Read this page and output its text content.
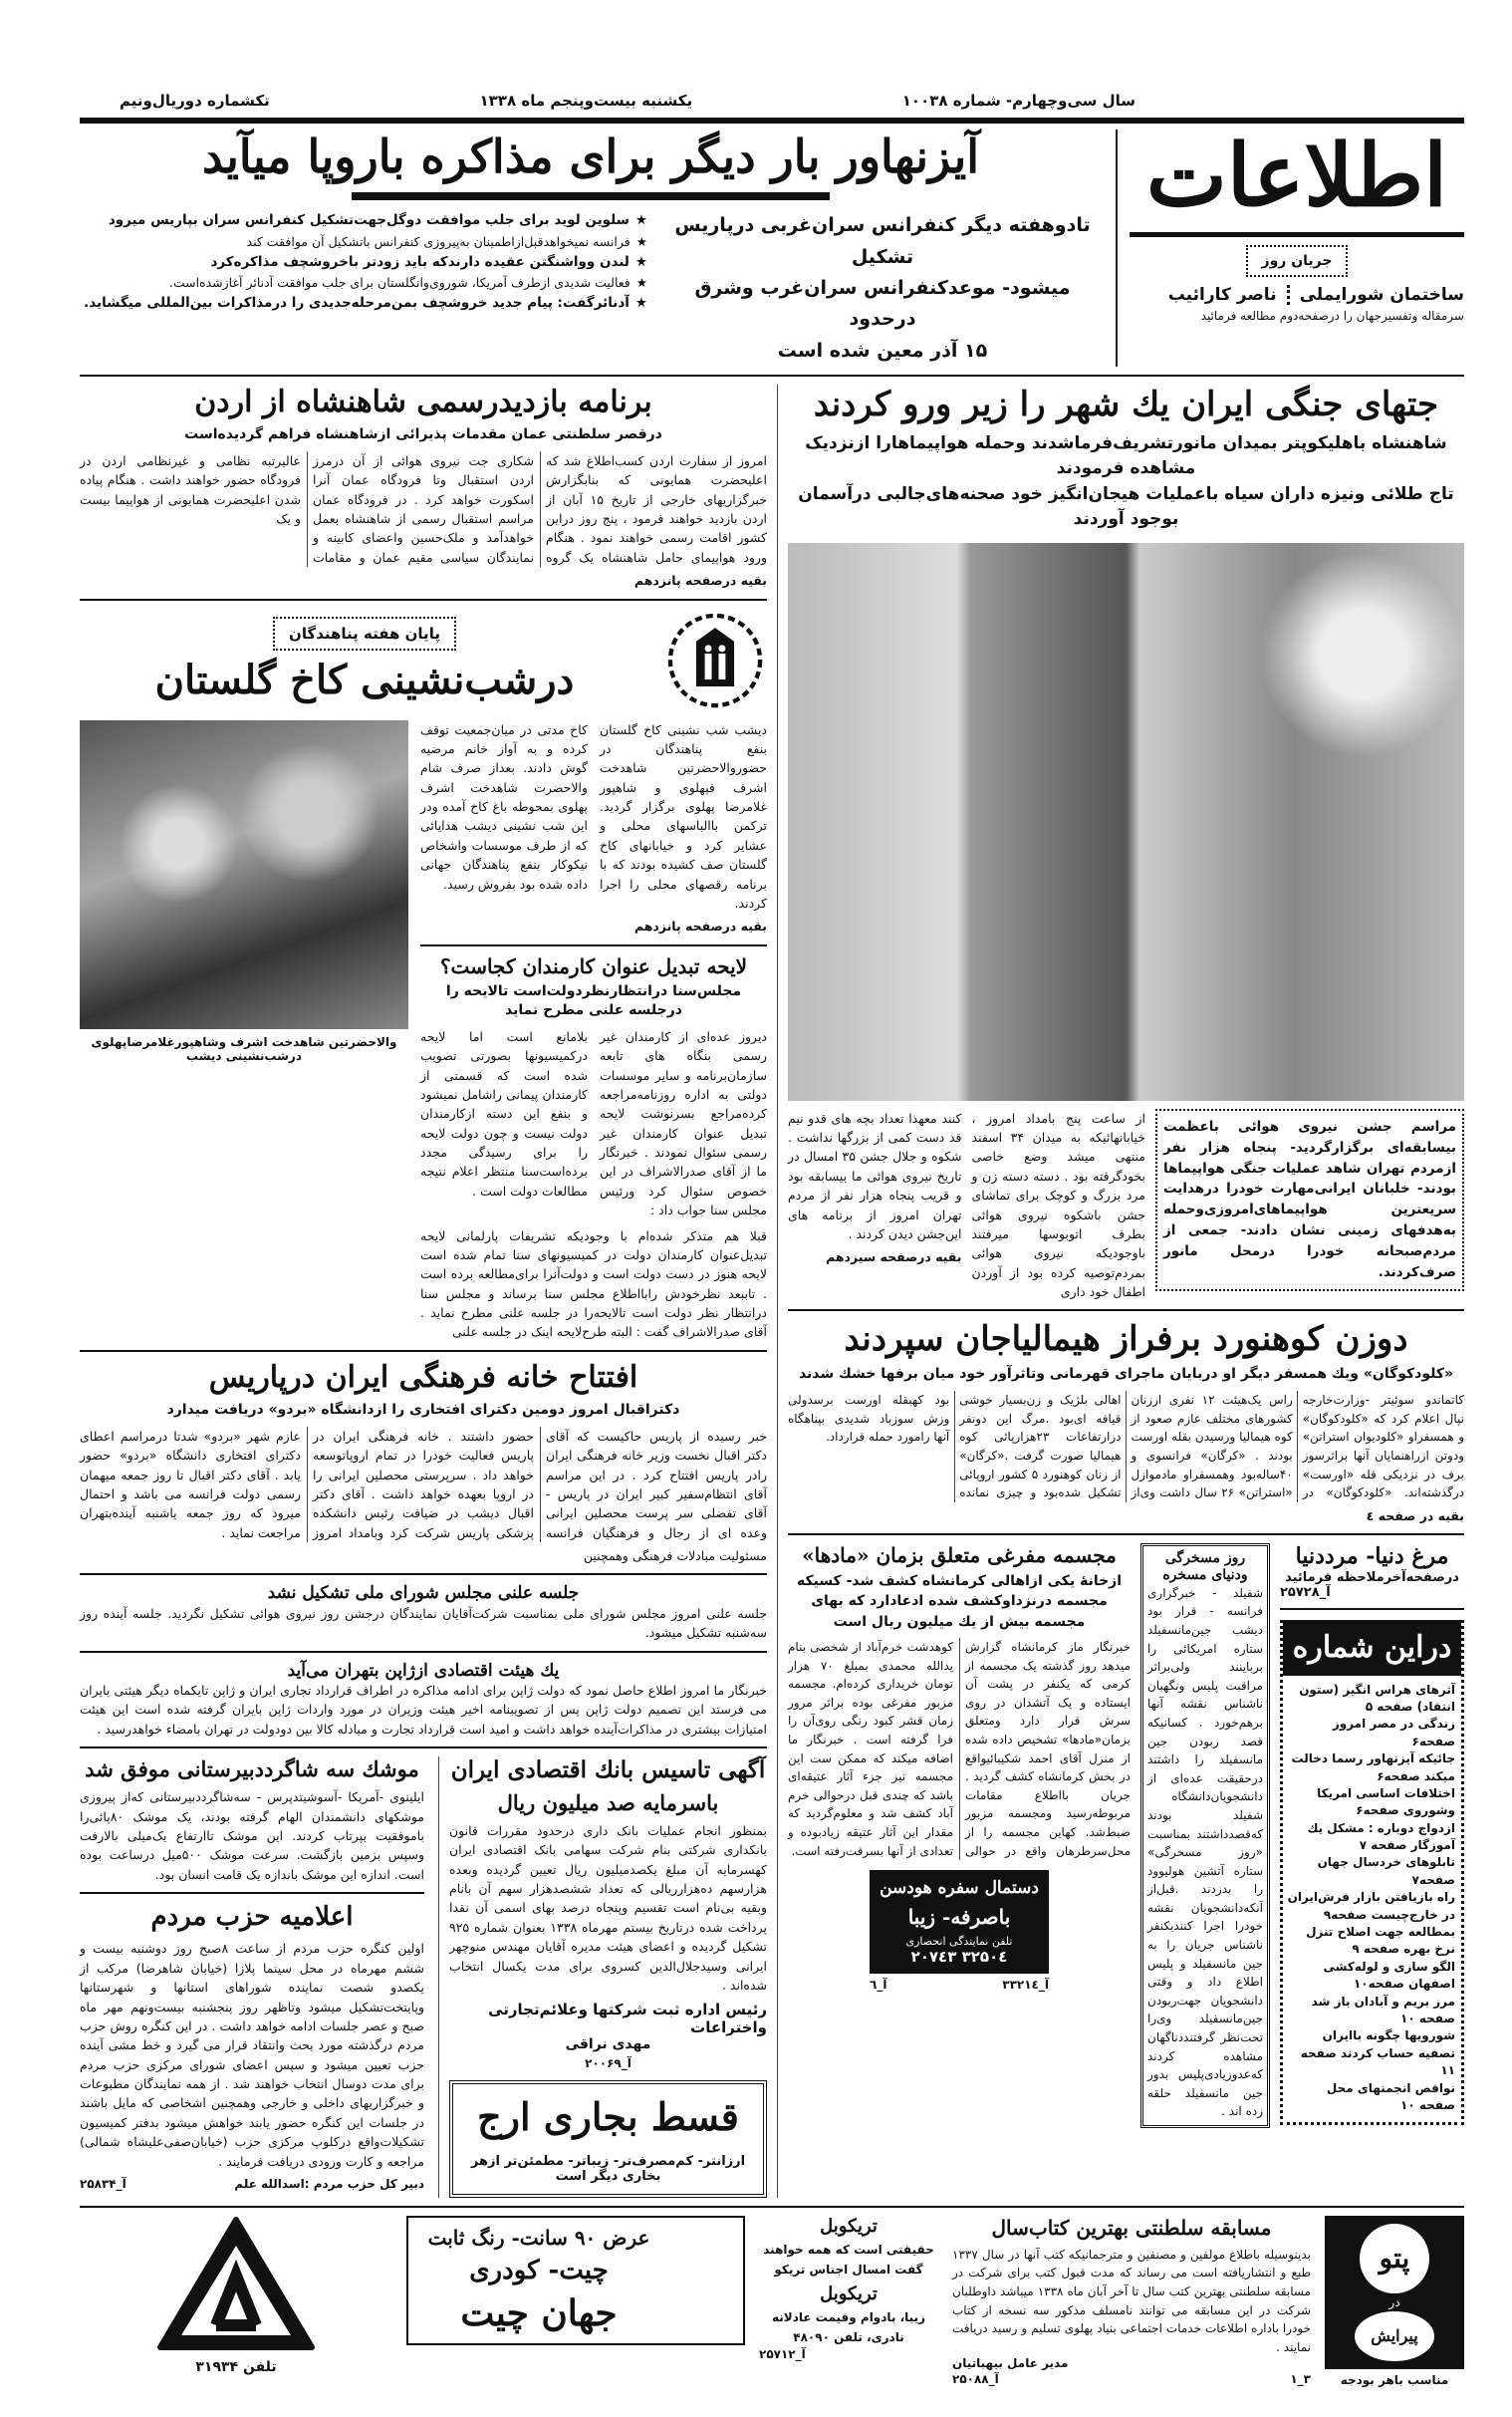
سال سی‌وچهارم- شماره ۱۰۰۳۸
یکشنبه بیست‌وپنجم ماه ۱۳۳۸
تکشماره دوریال‌ونیم
اطلاعات
جریان روز
ساختمان شورایملی
ناصر کارائیب
سرمقاله وتفسیرجهان را درصفحه‌دوم مطالعه فرمائید
آیزنهاور بار دیگر برای مذاکره باروپا میآید
تادوهفته دیگر کنفرانس سران‌غربی درپاریس تشکیل
میشود- موعدکنفرانس سران‌غرب وشرق درحدود
۱۵ آذر معین شده است
★سلوین لوید برای جلب موافقت دوگل‌جهت‌تشکیل کنفرانس سران بپاریس میرود
★فرانسه نمیخواهدقبل‌ازاطمینان به‌پیروزی کنفرانس باتشکیل آن موافقت کند
★لندن وواشنگتن عقیده دارندکه باید زودتر باخروشچف مذاکره‌کرد
★فعالیت شدیدی ازطرف آمریکا، شوروی‌وانگلستان برای جلب موافقت آدنائر آغازشده‌است.
★آدنائرگفت: پیام جدید خروشچف بمن‌مرحله‌جدیدی را درمذاکرات بین‌المللی میگشاید.
جتهای جنگی ایران یك شهر را زیر ورو کردند
شاهنشاه باهلیکوپتر بمیدان مانورتشریف‌فرماشدند وحمله هواپیماهارا ازنزدیک مشاهده فرمودند
تاج طلائی ونیزه داران سیاه باعملیات هیجان‌انگیز خود صحنه‌های‌جالبی درآسمان بوجود آوردند
مراسم جشن نیروی هوائی باعظمت بیسابقه‌ای برگزارگردید- پنجاه هزار نفر ازمردم تهران شاهد عملیات جنگی هواپیماها بودند- خلبانان ایرانی‌مهارت خودرا درهدایت سریعترین هواپیماهای‌امروزی‌وحمله به‌هدفهای زمینی نشان دادند- جمعی از مردم‌صبحانه خودرا درمحل مانور صرف‌کردند.
از ساعت پنج بامداد امروز ، خیابانهائیکه به میدان ۳۴ اسفند منتهی میشد وضع خاصی بخودگرفته بود . دسته دسته زن و مرد بزرگ و کوچک برای تماشای جشن باشکوه نیروی هوائی بطرف اتوبوسها میرفتند باوجودیکه نیروی هوائی بمردم‌توصیه کرده بود از آوردن اطفال خود داری
کنند معهذا تعداد بچه های قدو نیم قد دست کمی از بزرگها نداشت . شکوه و جلال جشن ۳۵ امسال در تاریخ نیروی هوائی ما بیسابقه بود و قریب پنجاه هزار نفر از مردم تهران امروز از برنامه های این‌جشن دیدن کردند .
بقیه درصفحه سیزدهم
دوزن کوهنورد برفراز هیمالیاجان سپردند
«کلودکوگان» ویك همسفر دیگر او دربایان ماجرای قهرمانی وتاثرآور خود میان برفها خشك شدند
کاتماندو سوئیتر -وزارت‌خارجه نپال اعلام کرد که «کلودکوگان» و همسفراو «کلودیوان استراتن» ودوتن ازراهنمایان آنها براثرسوز برف در نزدیکی قله «اورست» درگذشته‌اند. «کلودکوگان» در راس یک‌هیئت ۱۲ نفری اززنان کشورهای مختلف عازم صعود از کوه هیمالیا ورسیدن بقله اورست بودند . «کرگان» فرانسوی و ۴۰ساله‌بود وهمسفراو مادموازل «استراتن» ۲۶ سال داشت وی‌از اهالی بلژیک و زن‌بسیار خوشی قیافه ای‌بود .مرگ این دونفر درارتفاعات ۲۳هزارپائی کوه هیمالیا صورت گرفت .«کرگان» از زنان کوهنورد ۵ کشور اروپائی تشکیل شده‌بود و چیزی نمانده بود کهبقله اورست برسد‌ولی وزش سوزباد شدیدی بپناهگاه آنها رامورد حمله قرارداد.
بقیه در صفحه ٤
مرغ دنیا- مرددنیا
درصفحه‌آخرملاحظه فرمائید
آ_۲۵۷۲۸
دراین شماره
آثرهای هراس انگیز (ستون انتقاد) صفحه ۵
زندگی در مصر امروز صفحه۶
جائیکه آیزنهاور رسما دخالت میکند صفحه۶
اختلافات اساسی امریکا وشوروی صفحه۶
ازدواج دوباره : مشکل یك آموزگار صفحه ۷
تابلوهای خردسال جهان صفحه۷
راه بازیافتن بازار فرش‌ایران در خارج‌چیست صفحه۹
بمطالعه جهت اصلاح تنزل نرخ بهره صفحه ۹
الگو سازی و لوله‌کشی اصفهان صفحه۱۰
مرز بریم و آبادان باز شد صفحه ۱۰
شورویها چگونه باایران تصفیه حساب کردند صفحه ۱۱
نواقص انجمنهای محل صفحه ۱۰
روز مسخرگی ودنیای مسخره
شفیلد - خبرگزاری فرانسه - قرار بود دیشب جین‌مانسفیلد ستاره امریکائی را برباینند ولی‌براثر مراقبت پلیس ونگهبان ناشناس نقشه آنها برهم‌خورد . کسانیکه قصد ربودن جین مانسفیلد را داشتند درحقیقت عده‌ای از دانشجویان‌دانشگاه شفیلد بودند که‌قصدداشتند بمناسبت «روز مسخرگی» ستاره آتشین هولیوود را بدزدند .قبل‌از آنکه‌دانشجویان نقشه خودرا اجرا کنند‌یکنفر ناشناس جریان را به جین مانسفیلد و پلیس اطلاع داد و وقتی دانشجویان جهت‌ربودن جین‌مانسفیلد وی‌را تحت‌نظر گرفتند‌دناگهان مشاهده کردند که‌عدوزیادی‌پلیس بدور جین مانسفیلد حلقه زده اند .
مجسمه مفرغی متعلق بزمان «مادها»
ازخانهٔ یکی ازاهالی کرمانشاه کشف شد- کسیکه مجسمه درنزداوکشف شده ادعادارد که بهای مجسمه بیش از یك میلیون ریال است
خبرنگار ماز کرمانشاه گزارش میدهد روز گذشته یک مجسمه از کرمی که یکنفر در پشت آن ایستاده و یک آتشدان در روی سرش قرار دارد ومتعلق بزمان«مادها» تشخیص داده شده از منزل آقای احمد شکیبائیواقع در بخش کرمانشاه کشف گردید . جریان بااطلاع مقامات مربوطه‌رسید ومجسمه مزبور ضبط‌شد. کهاین مجسمه را از محل‌سرطرهان واقع در حوالی کوهدشت خرم‌آباد از شخصی بنام یدالله محمدی بمبلغ ۷۰ هزار تومان خریداری کرده‌ام. مجسمه مزبور مفرغی بوده براثر مرور زمان قشر کبود رنگی روی‌آن را فرا گرفته است . خبرنگار ما اضافه میکند که ممکن ست این مجسمه نیز جزء آثار عتیقه‌ای باشد که چندی قبل درحوالی خرم آباد کشف شد و معلوم‌گردید که مقدار این آثار عتیقه زیادبوده و تعدادی از آنها بسرقت‌رفته است.
دستمال سفره هودسن
باصرفه- زیبا
تلفن نمایندگی انحصاری
۳۲۵۰٤ ۲۰۷٤۳
آ_۳۳۲۱٤
آ_٦
برنامه بازدیدرسمی شاهنشاه از اردن
درقصر سلطنتی عمان مقدمات پذیرائی ازشاهنشاه فراهم گردیده‌است
امروز از سفارت اردن کسب‌اطلاع شد که اعلیحضرت همایونی که بنابگزارش خبرگزاریهای خارجی از تاریخ ۱۵ آبان از اردن بازدید خواهند فرمود ، پنج روز دراین کشور اقامت رسمی خواهند نمود . هنگام ورود هواپیمای حامل شاهنشاه یک گروه شکاری جت نیروی هوائی از آن درمرز اردن استقبال وتا فرودگاه عمان آنرا اسکورت خواهد کرد . در فرودگاه عمان مراسم استقبال رسمی از شاهنشاه بعمل خواهدآمد و ملک‌حسین واعضای کابینه و نمایندگان سیاسی مقیم عمان و مقامات عالیرتبه نظامی و غیرنظامی اردن در فرودگاه حضور خواهند داشت . هنگام پیاده شدن اعلیحضرت همایونی از هواپیما بیست و یک
بقیه درصفحه پانزدهم
پایان هفته پناهندگان
درشب‌نشینی کاخ گلستان
دیشب شب نشینی کاخ گلستان بنفع پناهندگان در حضوروالاحضرتین شاهدخت اشرف فپهلوی و شاهپور غلامرضا پهلوی برگزار گردید. ترکمن باالباسهای محلی و عشایر کرد و خیابانهای کاخ گلستان صف کشیده بودند که با برنامه رقصهای محلی را اجرا کردند.
کاخ مدتی در میان‌جمعیت توقف کرده و به آواز خانم مرضیه گوش دادند. بعداز صرف شام والاحضرت شاهدخت اشرف پهلوی بمحوطه باغ کاخ آمده ودر این شب نشینی دیشب هدایائی که از طرف موسسات واشخاص نیکوکار بنفع پناهندگان جهانی داده شده بود بفروش رسید.
بقیه درصفحه پانزدهم
لایحه تبدیل عنوان کارمندان کجاست؟
مجلس‌سنا درانتظارنظردولت‌است تالایحه را درجلسه علنی مطرح نماید
دیروز عده‌ای از کارمندان غیر رسمی بنگاه های تابعه سازمان‌برنامه و سایر موسسات دولتی به اداره روزنامه‌مراجعه کرده‌مراجع بسرنوشت لایحه تبدیل عنوان کارمندان غیر رسمی سئوال نمودند . خبرنگار ما از آقای صدرالاشراف در این خصوص سئوال کرد ورئیس مجلس سنا جواب داد :
بلامانع است اما لایحه درکمیسیونها بصورتی تصویب شده است که قسمتی از کارمندان پیمانی راشامل نمیشود و بنفع این دسته ازکارمندان دولت نیست و چون دولت لایحه را برای رسیدگی مجدد برده‌است‌سنا منتظر اعلام نتیجه مطالعات دولت است .
قبلا هم متذکر شده‌ام با وجودیکه تشریفات پارلمانی لایحه تبدیل‌عنوان کارمندان دولت در کمیسیونهای سنا تمام شده است لایحه هنوز در دست دولت است و دولت‌آنرا برای‌مطالعه برده است . تاببعد نظرخودش رابااطلاع مجلس سنا برساند و مجلس سنا درانتظار نظر دولت است تالایحه‌را در جلسه علنی مطرح نماید . آقای صدرالاشراف گفت : البته طرح‌لایحه اینک در جلسه علنی
والاحضرتین شاهدخت اشرف وشاهپورغلامرضاپهلوی درشب‌نشینی دیشب
افتتاح خانه فرهنگی ایران درپاریس
دکتراقبال امروز دومین دکترای افتخاری را ازدانشگاه «بردو» دریافت میدارد
خبر رسیده از پاریس حاکیست که آقای دکتر اقبال نخست وزیر خانه فرهنگی ایران رادر پاریس افتتاح کرد . در این مراسم آقای انتظام‌سفیر کبیر ایران در پاریس - آقای تفضلی سر پرست محصلین ایرانی وعده ای از رجال و فرهنگیان فرانسه حضور داشتند . خانه فرهنگی ایران در پاریس فعالیت خودرا در تمام اروپاتوسعه خواهد داد . سرپرستی محصلین ایرانی را در اروپا بعهده خواهد داشت . آقای دکتر اقبال دیشب در ضیافت رئیس دانشکده پزشکی پاریس شرکت کرد وبامداد امروز عازم شهر «بردو» شدتا درمراسم اعطای دکترای افتخاری دانشگاه «بردو» حضور یابد . آقای دکتر اقبال تا روز جمعه میهمان رسمی دولت فرانسه می باشد و احتمال میرود که روز جمعه یاشنبه آینده‌بتهران مراجعت نماید .
مسئولیت مبادلات فرهنگی وهمچنین
جلسه علنی مجلس شورای ملی تشکیل نشد
جلسه علنی امروز مجلس شورای ملی بمناسبت شرکت‌آقایان نمایندگان درجشن روز نیروی هوائی تشکیل نگردید. جلسه آینده روز سه‌شنبه تشکیل میشود.
یك هیئت اقتصادی ازژاپن بتهران می‌آید
خبرنگار ما امروز اطلاع حاصل نمود که دولت ژاپن برای ادامه مذاکره در اطراف قرارداد تجاری ایران و ژاپن تایکماه دیگر هیئتی بایران می فرستد این تصمیم دولت ژاپن پس از تصویبنامه اخیر هیئت وزیران در مورد واردات ژاپن بایران گرفته شده است این هیئت امتیازات بیشتری در مذاکرات‌آینده خواهد داشت و امید است قرارداد تجارت و مبادله کالا بین دودولت در تهران بامضاء خواهدرسید .
آگهی تاسیس بانك اقتصادی ایران
باسرمایه صد میلیون ریال
بمنظور انجام عملیات بانک داری درحدود مقررات قانون بانکداری شرکتی بنام شرکت سهامی بانک اقتصادی ایران کهسرمایه آن مبلغ یکصدمیلیون ریال تعیین گردیده وبعده هزارسهم ده‌هزارریالی که تعداد ششصدهزار سهم آن بانام وبقیه بی‌نام است تقسیم وپنجاه درصد بهای اسمی آن نقدا پرداخت شده درتاریخ بیستم مهرماه ۱۳۳۸ بعنوان شماره ۹۲۵ تشکیل گردیده و اعضای هیئت مدیره آقایان مهندس منوچهر ایرانی وسیدجلال‌الدین کسروی برای مدت یکسال انتخاب شده‌اند .
رئیس اداره ثبت شرکتها وعلائم‌تجارتی واختراعات
مهدی نراقی
آ_۲۰۰۶۹
قسط بجاری ارج
ارزانتر- کم‌مصرف‌تر- زیباتر- مطمئن‌تر ازهر بخاری دیگر است
موشك سه شاگرددبیرستانی موفق شد
ایلینوی -آمریکا -آسوشیتدپرس - سه‌شاگرددبیرستانی که‌از پیروزی موشکهای دانشمندان الهام گرفته بودند، یک موشک ۸۰پائی‌را باموفقیت بپرتاب کردند. این موشک تاارتفاع یک‌میلی بالارفت وسپس بزمین بازگشت. سرعت موشک ۵۰۰میل درساعت بوده است. اندازه این موشک باندازه یک قامت انسان بود.
اعلامیه حزب مردم
اولین کنگره حزب مردم از ساعت ۸صبح روز دوشنبه بیست و ششم مهرماه در محل سینما پلازا (خیابان شاهرضا) مرکب از یکصدو شصت نماینده شوراهای استانها و شهرستانها وپایتخت‌تشکیل میشود وتاظهر روز پنجشنبه بیست‌ونهم مهر ماه صبح و عصر جلسات ادامه خواهد داشت . در این کنگره روش حزب مردم درگذشته مورد بحث وانتقاد قرار می گیرد و خط مشی آینده حزب تعیین میشود و سپس اعضای شورای مرکزی حزب مردم برای مدت دوسال انتخاب خواهند شد . از همه نمایندگان مطبوعات و خبرگزاریهای داخلی و خارجی وهمچنین اشخاصی که مایل باشند در جلسات این کنگره حضور یابند خواهش میشود بدفتر کمیسیون تشکیلات‌واقع درکلوپ مرکزی حزب (خیابان‌صفی‌علیشاه شمالی) مراجعه و کارت ورودی دریافت فرمایند .
دبیر کل حزب مردم :اسدالله علم
آ_۲۵۸۳۴
پتو
در
پیرایش
مناسب باهر بودجه
مسابقه سلطنتی بهترین کتاب‌سال
بدینوسیله باطلاع مولفین و مصنفین و مترجمانیکه کتب آنها در سال ۱۳۳۷ طبع و انتشاریافته است می رساند که مدت قبول کتب برای شرکت در مسابقه سلطنتی بهترین کتب سال تا آخر آبان ماه ۱۳۳۸ میباشد داوطلبان شرکت در این مسابقه می توانند نامسلف مذکور سه نسخه از کتاب خودرا باداره اطلاعات خدمات اجتماعی بنیاد پهلوی تسلیم و رسید دریافت نمایند .
مدیر عامل بیهباتیان
۳_۱
آ_۲۵۰۸۸
تریکوبل
حقیقتی است که همه خواهند گفت امسال اجناس تریکو
تریکوبل
زیبا، بادوام وقیمت عادلانه نادری، تلفن ۴۸۰۹۰
آ_۲۵۷۱۲
عرض ۹۰ سانت- رنگ ثابت
چیت- کودری
جهان چیت
تلفن ۳۱۹۳۴
